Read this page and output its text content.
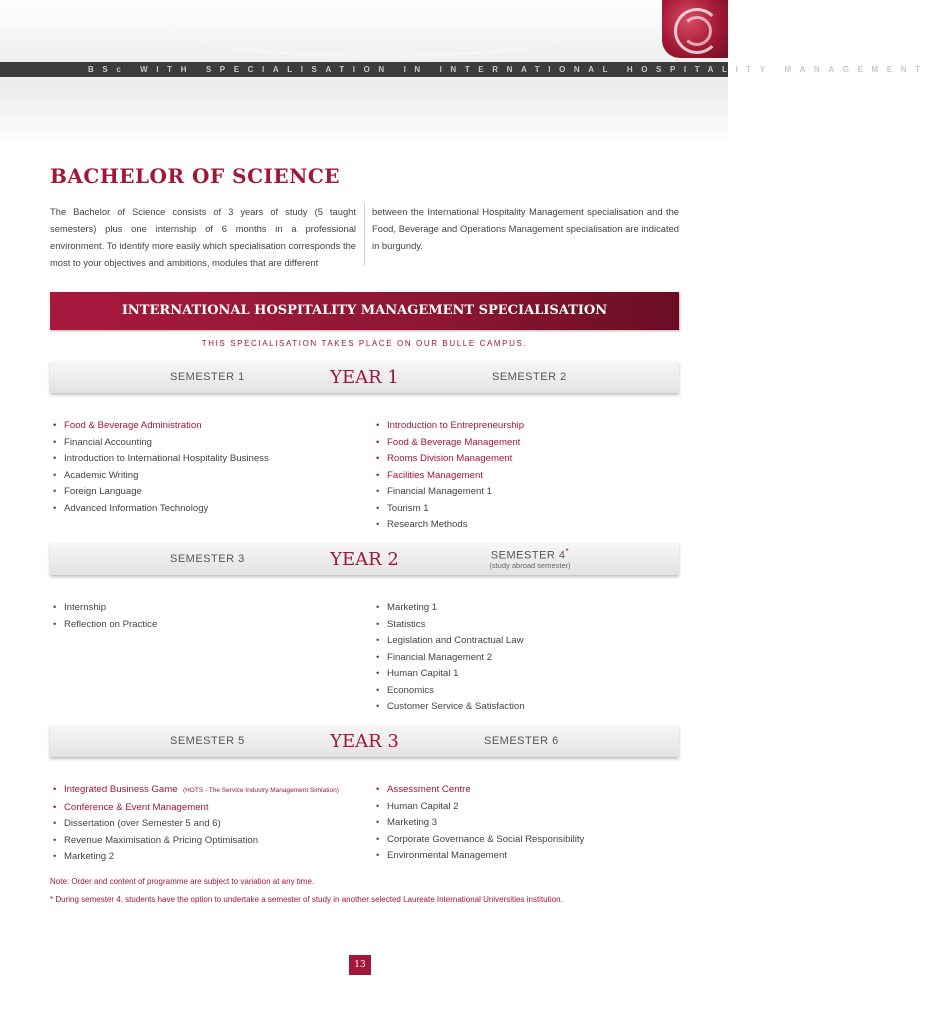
BSc WITH SPECIALISATION IN INTERNATIONAL HOSPITALITY MANAGEMENT
BACHELOR OF SCIENCE
The Bachelor of Science consists of 3 years of study (5 taught semesters) plus one internship of 6 months in a professional environment. To identify more easily which specialisation corresponds the most to your objectives and ambitions, modules that are different
between the International Hospitality Management specialisation and the Food, Beverage and Operations Management specialisation are indicated in burgundy.
INTERNATIONAL HOSPITALITY MANAGEMENT SPECIALISATION
THIS SPECIALISATION TAKES PLACE ON OUR BULLE CAMPUS.
SEMESTER 1	YEAR 1	SEMESTER 2
• Food & Beverage Administration
• Financial Accounting
• Introduction to International Hospitality Business
• Academic Writing
• Foreign Language
• Advanced Information Technology
• Introduction to Entrepreneurship
• Food & Beverage Management
• Rooms Division Management
• Facilities Management
• Financial Management 1
• Tourism 1
• Research Methods
SEMESTER 3	YEAR 2	SEMESTER 4*
(study abroad semester)
• Internship
• Reflection on Practice
• Marketing 1
• Statistics
• Legislation and Contractual Law
• Financial Management 2
• Human Capital 1
• Economics
• Customer Service & Satisfaction
SEMESTER 5	YEAR 3	SEMESTER 6
• Integrated Business Game (HOTS - The Service Industry Management Simlation)
• Conference & Event Management
• Dissertation (over Semester 5 and 6)
• Revenue Maximisation & Pricing Optimisation
• Marketing 2
• Assessment Centre
• Human Capital 2
• Marketing 3
• Corporate Governance & Social Responsibility
• Environmental Management
Note: Order and content of programme are subject to variation at any time.
* During semester 4, students have the option to undertake a semester of study in another selected Laureate International Universities institution.
13
